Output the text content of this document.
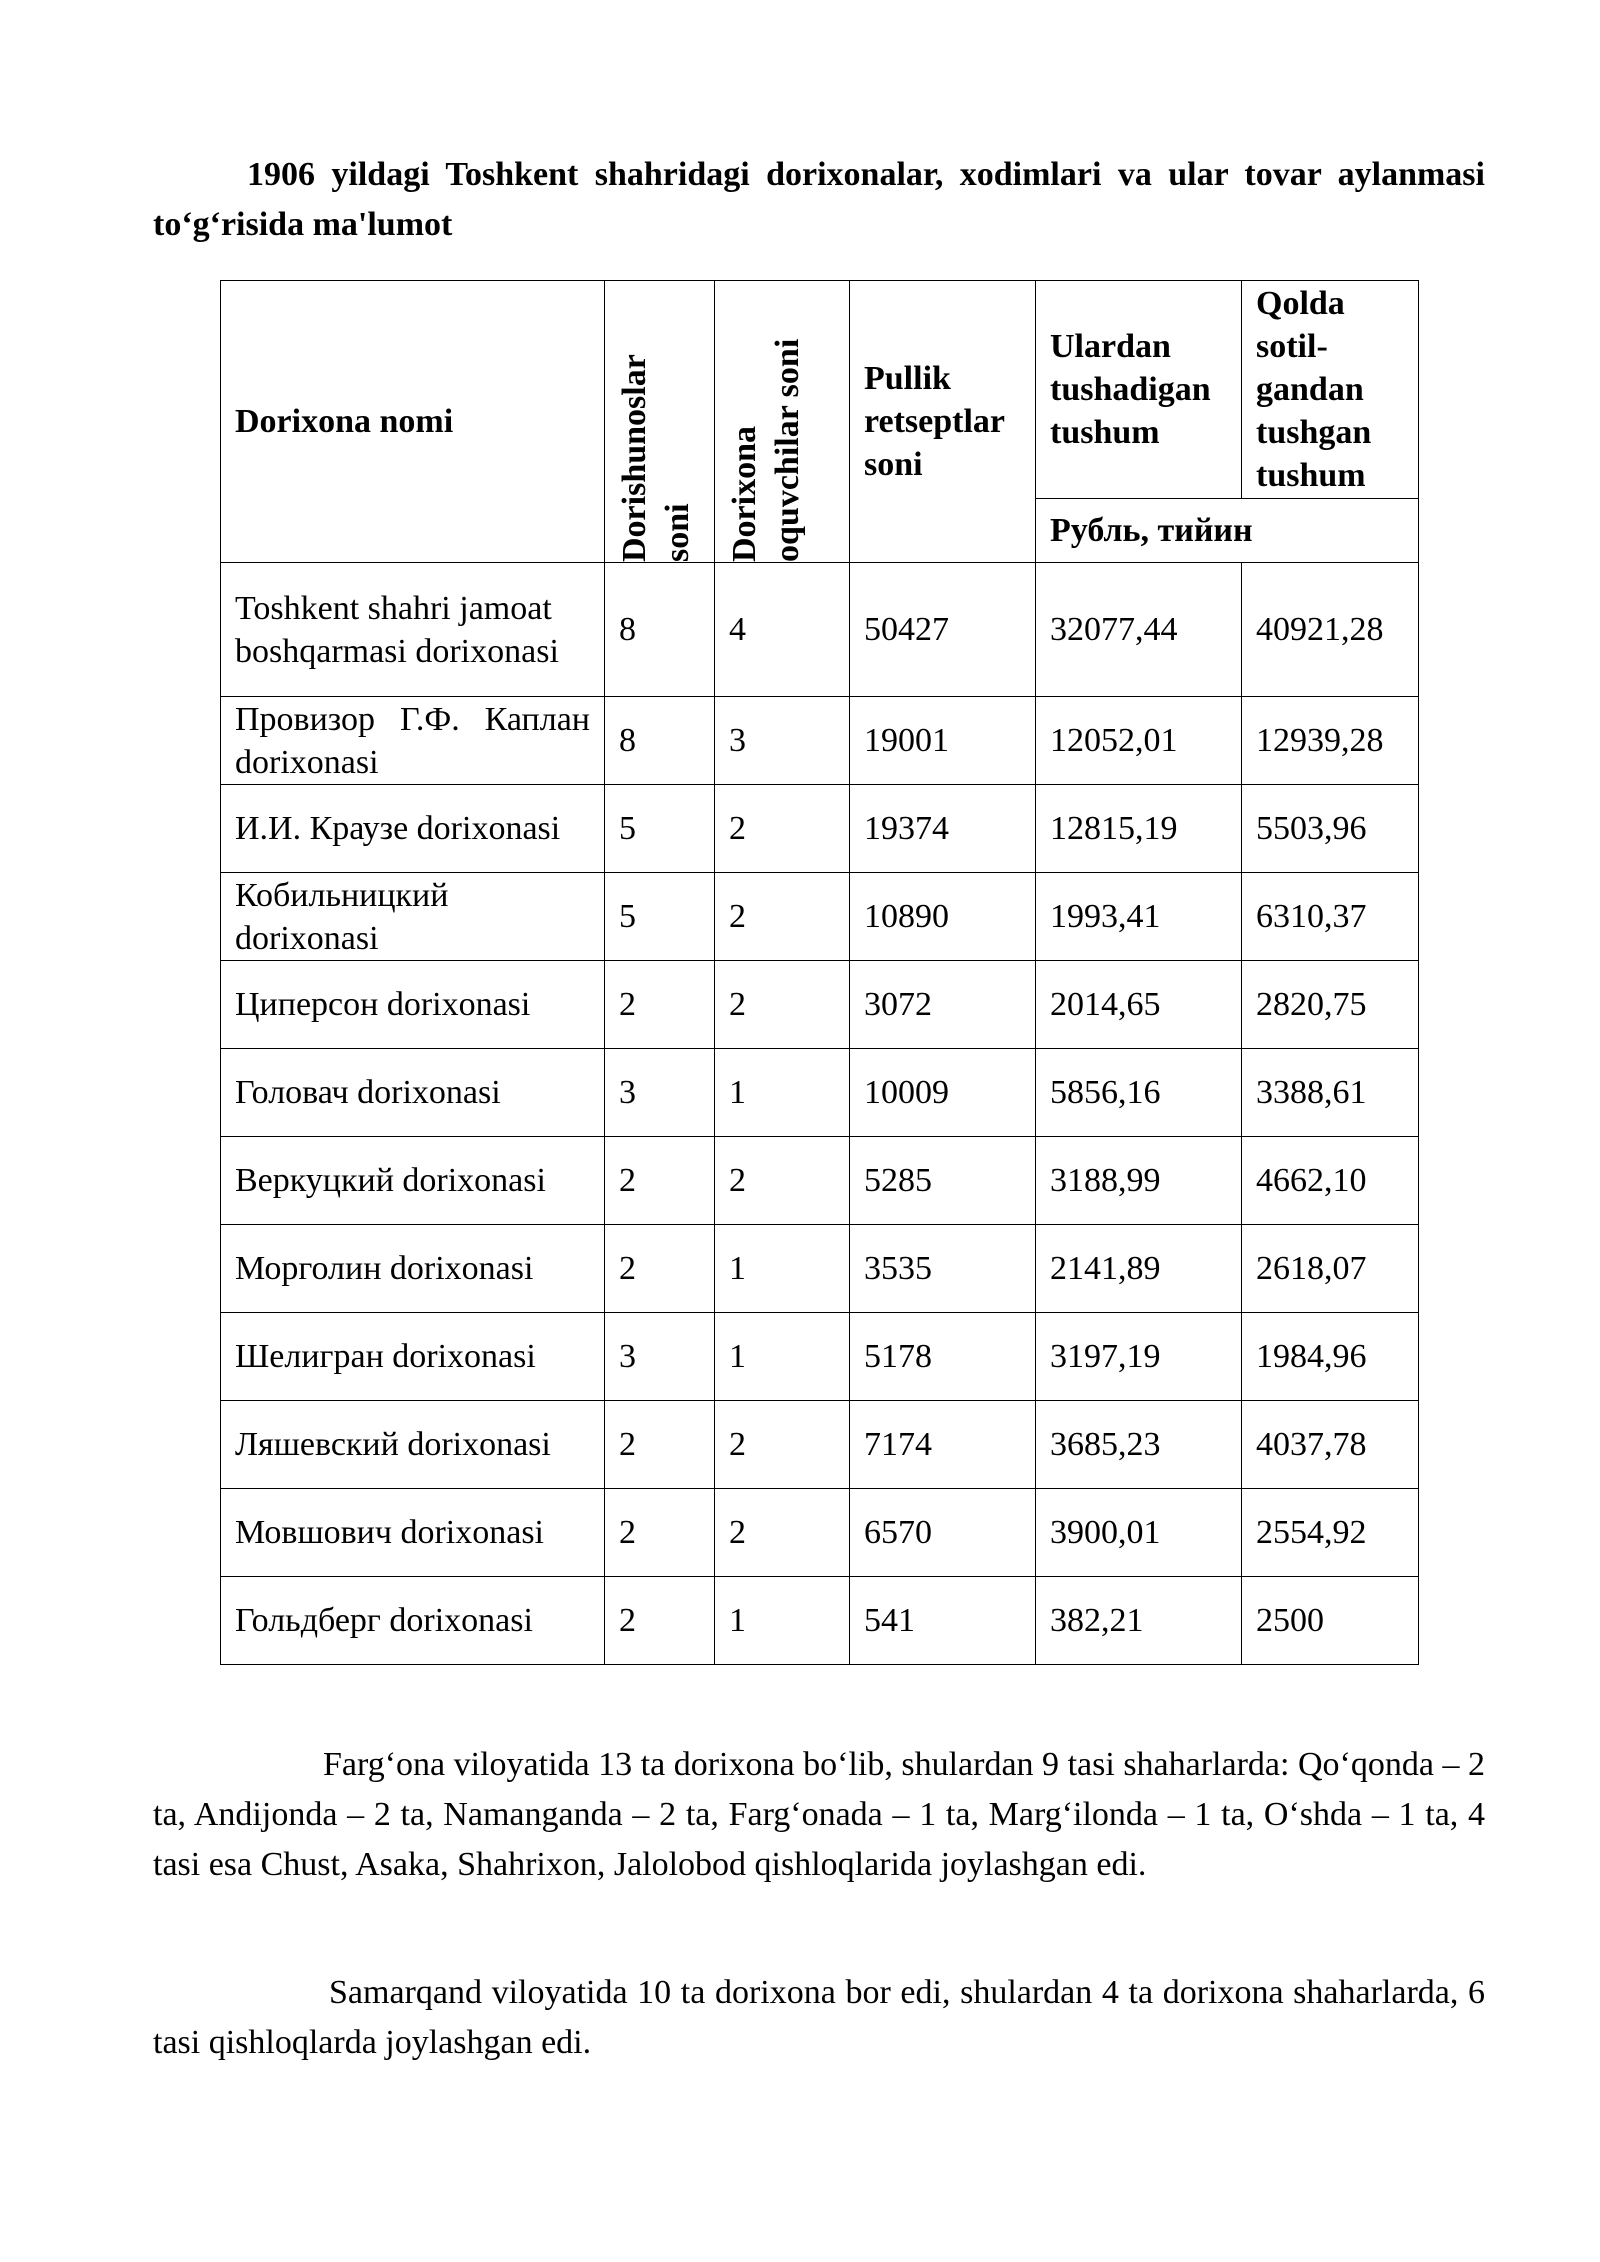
1906 yildagi Toshkent shahridagi dorixonalar, xodimlari va ular tovar aylanmasi to‘g‘risida ma'lumot

Dorixona nomi	Dorishunoslar soni	Dorixona oquvchilar soni	Pullik retseptlar soni	Ulardan tushadigan tushum	Qolda sotil-gandan tushgan tushum
				Рубль, тийин	
Toshkent shahri jamoat boshqarmasi dorixonasi	8	4	50427	32077,44	40921,28
Провизор Г.Ф. Каплан dorixonasi	8	3	19001	12052,01	12939,28
И.И. Краузе dorixonasi	5	2	19374	12815,19	5503,96
Кобильницкий dorixonasi	5	2	10890	1993,41	6310,37
Циперсон dorixonasi	2	2	3072	2014,65	2820,75
Головач dorixonasi	3	1	10009	5856,16	3388,61
Веркуцкий dorixonasi	2	2	5285	3188,99	4662,10
Морголин dorixonasi	2	1	3535	2141,89	2618,07
Шелигран dorixonasi	3	1	5178	3197,19	1984,96
Ляшевский dorixonasi	2	2	7174	3685,23	4037,78
Мовшович dorixonasi	2	2	6570	3900,01	2554,92
Гольдберг dorixonasi	2	1	541	382,21	2500

Farg‘ona viloyatida 13 ta dorixona bo‘lib, shulardan 9 tasi shaharlarda: Qo‘qonda – 2 ta, Andijonda – 2 ta, Namanganda – 2 ta, Farg‘onada – 1 ta, Marg‘ilonda – 1 ta, O‘shda – 1 ta, 4 tasi esa Chust, Asaka, Shahrixon, Jalolobod qishloqlarida joylashgan edi.

Samarqand viloyatida 10 ta dorixona bor edi, shulardan 4 ta dorixona shaharlarda, 6 tasi qishloqlarda joylashgan edi.
